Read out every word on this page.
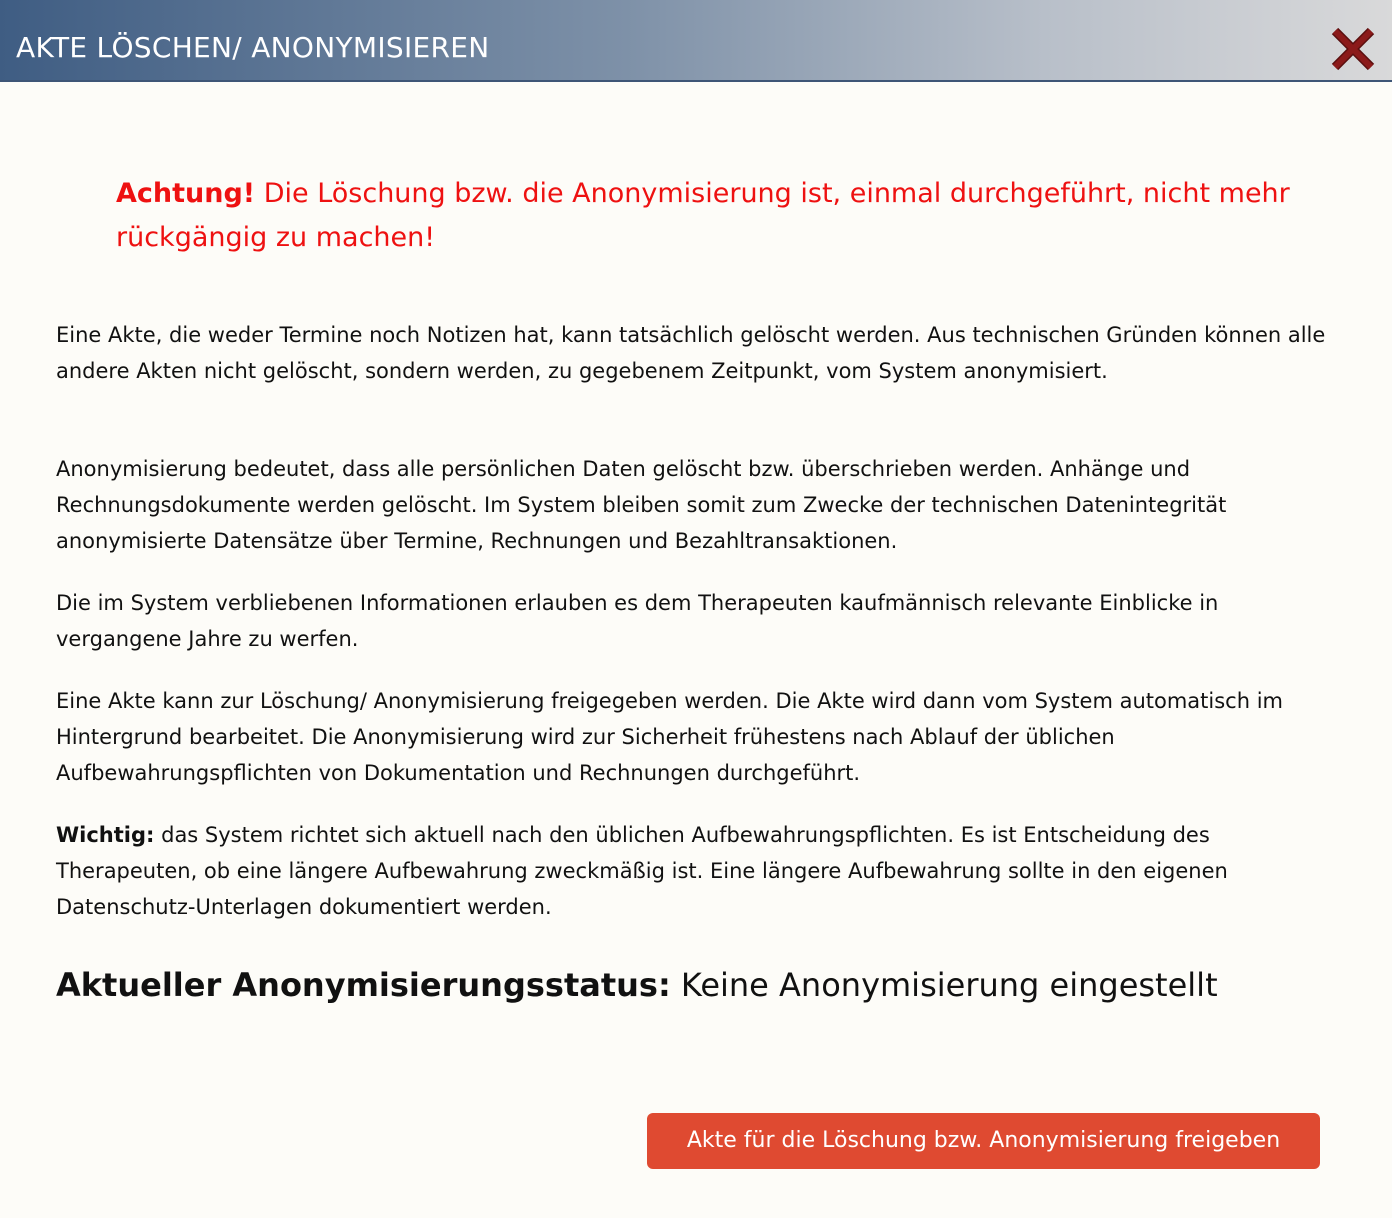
AKTE LÖSCHEN/ ANONYMISIEREN

Achtung! Die Löschung bzw. die Anonymisierung ist, einmal durchgeführt, nicht mehr rückgängig zu machen!

Eine Akte, die weder Termine noch Notizen hat, kann tatsächlich gelöscht werden. Aus technischen Gründen können alle andere Akten nicht gelöscht, sondern werden, zu gegebenem Zeitpunkt, vom System anonymisiert.

Anonymisierung bedeutet, dass alle persönlichen Daten gelöscht bzw. überschrieben werden. Anhänge und Rechnungsdokumente werden gelöscht. Im System bleiben somit zum Zwecke der technischen Datenintegrität anonymisierte Datensätze über Termine, Rechnungen und Bezahltransaktionen.

Die im System verbliebenen Informationen erlauben es dem Therapeuten kaufmännisch relevante Einblicke in vergangene Jahre zu werfen.

Eine Akte kann zur Löschung/ Anonymisierung freigegeben werden. Die Akte wird dann vom System automatisch im Hintergrund bearbeitet. Die Anonymisierung wird zur Sicherheit frühestens nach Ablauf der üblichen Aufbewahrungspflichten von Dokumentation und Rechnungen durchgeführt.

Wichtig: das System richtet sich aktuell nach den üblichen Aufbewahrungspflichten. Es ist Entscheidung des Therapeuten, ob eine längere Aufbewahrung zweckmäßig ist. Eine längere Aufbewahrung sollte in den eigenen Datenschutz-Unterlagen dokumentiert werden.

Aktueller Anonymisierungsstatus: Keine Anonymisierung eingestellt

Akte für die Löschung bzw. Anonymisierung freigeben
